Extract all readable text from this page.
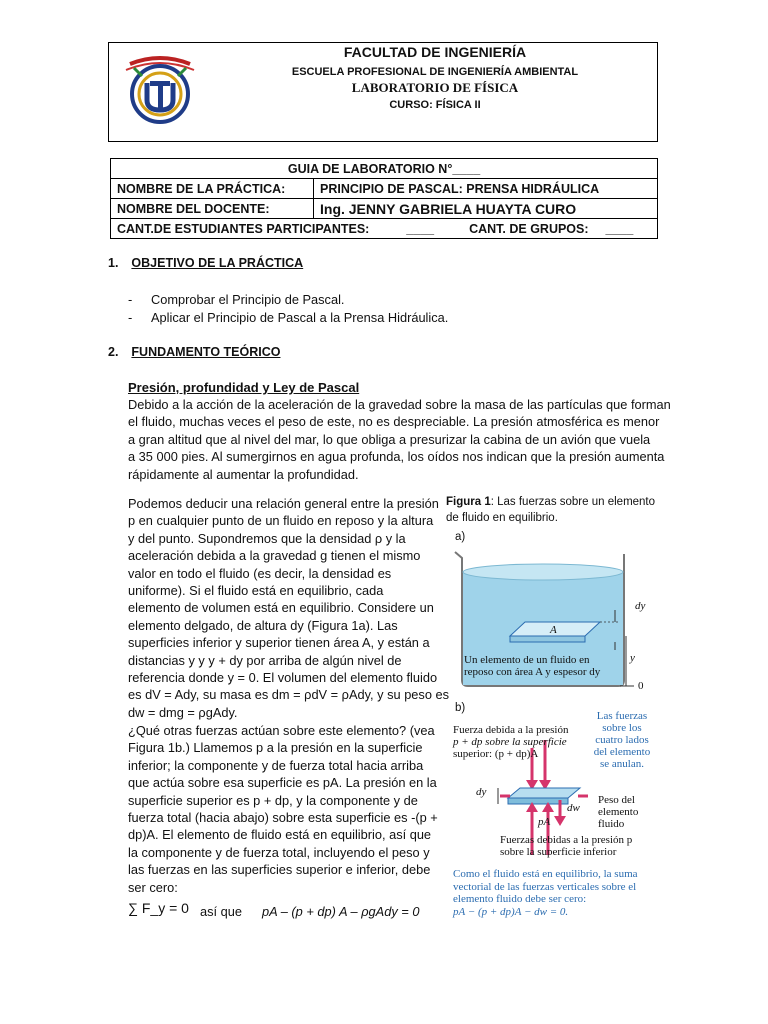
FACULTAD DE INGENIERÍA
ESCUELA PROFESIONAL DE INGENIERÍA AMBIENTAL
LABORATORIO DE FÍSICA
CURSO: FÍSICA II
GUIA DE LABORATORIO N°____	
NOMBRE DE LA PRÁCTICA:	PRINCIPIO DE PASCAL: PRENSA HIDRÁULICA
NOMBRE DEL DOCENTE:	Ing. JENNY GABRIELA HUAYTA CURO
CANT.DE ESTUDIANTES PARTICIPANTES: ____ CANT. DE GRUPOS: ____	
1. OBJETIVO DE LA PRÁCTICA
- Comprobar el Principio de Pascal.
- Aplicar el Principio de Pascal a la Prensa Hidráulica.
2. FUNDAMENTO TEÓRICO
Presión, profundidad y Ley de Pascal
Debido a la acción de la aceleración de la gravedad sobre la masa de las partículas que forman
el fluido, muchas veces el peso de este, no es despreciable. La presión atmosférica es menor
a gran altitud que al nivel del mar, lo que obliga a presurizar la cabina de un avión que vuela
a 35 000 pies. Al sumergirnos en agua profunda, los oídos nos indican que la presión aumenta
rápidamente al aumentar la profundidad.
Podemos deducir una relación general entre la presión
p en cualquier punto de un fluido en reposo y la altura
y del punto. Supondremos que la densidad ρ y la
aceleración debida a la gravedad g tienen el mismo
valor en todo el fluido (es decir, la densidad es
uniforme). Si el fluido está en equilibrio, cada
elemento de volumen está en equilibrio. Considere un
elemento delgado, de altura dy (Figura 1a). Las
superficies inferior y superior tienen área A, y están a
distancias y y y + dy por arriba de algún nivel de
referencia donde y = 0. El volumen del elemento fluido
es dV = Ady, su masa es dm = ρdV = ρAdy, y su peso es
dw = dmg = ρgAdy.
¿Qué otras fuerzas actúan sobre este elemento? (vea
Figura 1b.) Llamemos p a la presión en la superficie
inferior; la componente y de fuerza total hacia arriba
que actúa sobre esa superficie es pA. La presión en la
superficie superior es p + dp, y la componente y de
fuerza total (hacia abajo) sobre esta superficie es -(p +
dp)A. El elemento de fluido está en equilibrio, así que
la componente y de fuerza total, incluyendo el peso y
las fuerzas en las superficies superior e inferior, debe
ser cero:
∑ F_y = 0 así que pA – (p + dp) A – ρgAdy = 0
Figura 1: Las fuerzas sobre un elemento
de fluido en equilibrio.
a)
A
dy
y
0
Un elemento de un fluido en
reposo con área A y espesor dy
b)
Fuerza debida a la presión
p + dp sobre la superficie
superior: (p + dp)A
Las fuerzas
sobre los
cuatro lados
del elemento
se anulan.
dy
dw
pA
Peso del
elemento
fluido
Fuerzas debidas a la presión p
sobre la superficie inferior
Como el fluido está en equilibrio, la suma
vectorial de las fuerzas verticales sobre el
elemento fluido debe ser cero:
pA − (p + dp)A − dw = 0.
